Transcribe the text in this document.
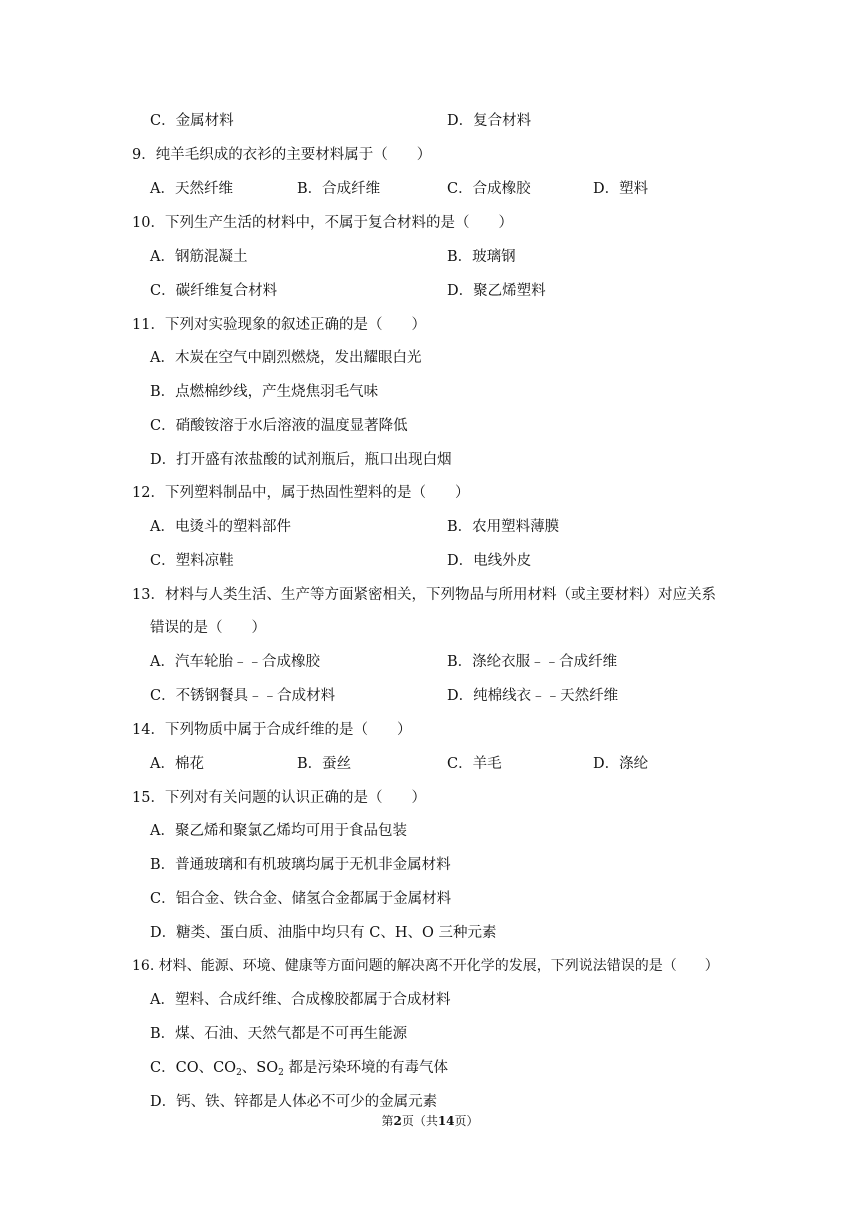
C．金属材料	D．复合材料
9．纯羊毛织成的衣衫的主要材料属于（　　）
A．天然纤维	B．合成纤维	C．合成橡胶	D．塑料
10．下列生产生活的材料中，不属于复合材料的是（　　）
A．钢筋混凝土	B．玻璃钢
C．碳纤维复合材料	D．聚乙烯塑料
11．下列对实验现象的叙述正确的是（　　）
A．木炭在空气中剧烈燃烧，发出耀眼白光
B．点燃棉纱线，产生烧焦羽毛气味
C．硝酸铵溶于水后溶液的温度显著降低
D．打开盛有浓盐酸的试剂瓶后，瓶口出现白烟
12．下列塑料制品中，属于热固性塑料的是（　　）
A．电烫斗的塑料部件	B．农用塑料薄膜
C．塑料凉鞋	D．电线外皮
13．材料与人类生活、生产等方面紧密相关，下列物品与所用材料（或主要材料）对应关系
错误的是（　　）
A．汽车轮胎﹣﹣合成橡胶	B．涤纶衣服﹣﹣合成纤维
C．不锈钢餐具﹣﹣合成材料	D．纯棉线衣﹣﹣天然纤维
14．下列物质中属于合成纤维的是（　　）
A．棉花	B．蚕丝	C．羊毛	D．涤纶
15．下列对有关问题的认识正确的是（　　）
A．聚乙烯和聚氯乙烯均可用于食品包装
B．普通玻璃和有机玻璃均属于无机非金属材料
C．铝合金、铁合金、储氢合金都属于金属材料
D．糖类、蛋白质、油脂中均只有 C、H、O 三种元素
16. 材料、能源、环境、健康等方面问题的解决离不开化学的发展，下列说法错误的是（　　）
A．塑料、合成纤维、合成橡胶都属于合成材料
B．煤、石油、天然气都是不可再生能源
C．CO、$CO_2$、$SO_2$ 都是污染环境的有毒气体
D．钙、铁、锌都是人体必不可少的金属元素
第2页（共14页）
